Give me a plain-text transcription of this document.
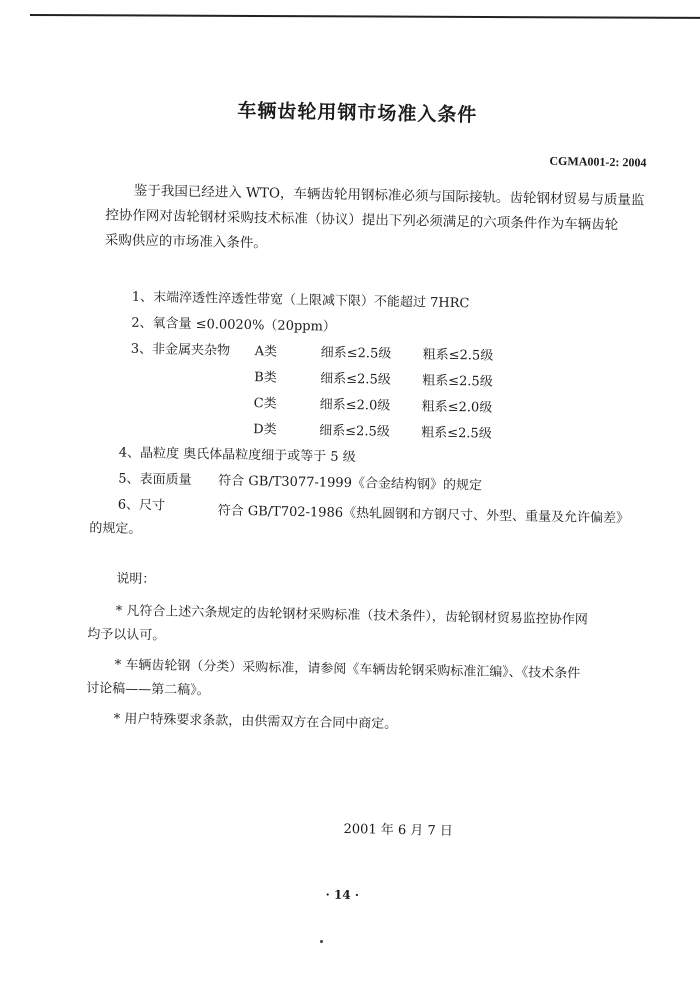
车辆齿轮用钢市场准入条件
CGMA001-2: 2004
鉴于我国已经进入 WTO，车辆齿轮用钢标准必须与国际接轨。齿轮钢材贸易与质量监
控协作网对齿轮钢材采购技术标准（协议）提出下列必须满足的六项条件作为车辆齿轮
采购供应的市场准入条件。
1、末端淬透性淬透性带宽（上限减下限）不能超过 7HRC
2、氧含量 ≤0.0020%（20ppm）
3、非金属夹杂物 A类	细系≤2.5级 粗系≤2.5级
B类	细系≤2.5级 粗系≤2.5级
C类	细系≤2.0级 粗系≤2.0级
D类	细系≤2.5级 粗系≤2.5级
4、晶粒度 奥氏体晶粒度细于或等于 5 级
5、表面质量 符合 GB/T3077-1999《合金结构钢》的规定
6、尺寸	符合 GB/T702-1986《热轧圆钢和方钢尺寸、外型、重量及允许偏差》
的规定。
说明：
* 凡符合上述六条规定的齿轮钢材采购标准（技术条件），齿轮钢材贸易监控协作网
均予以认可。
* 车辆齿轮钢（分类）采购标准，请参阅《车辆齿轮钢采购标准汇编》、《技术条件
讨论稿——第二稿》。
* 用户特殊要求条款，由供需双方在合同中商定。
2001 年 6 月 7 日
· 14 ·
